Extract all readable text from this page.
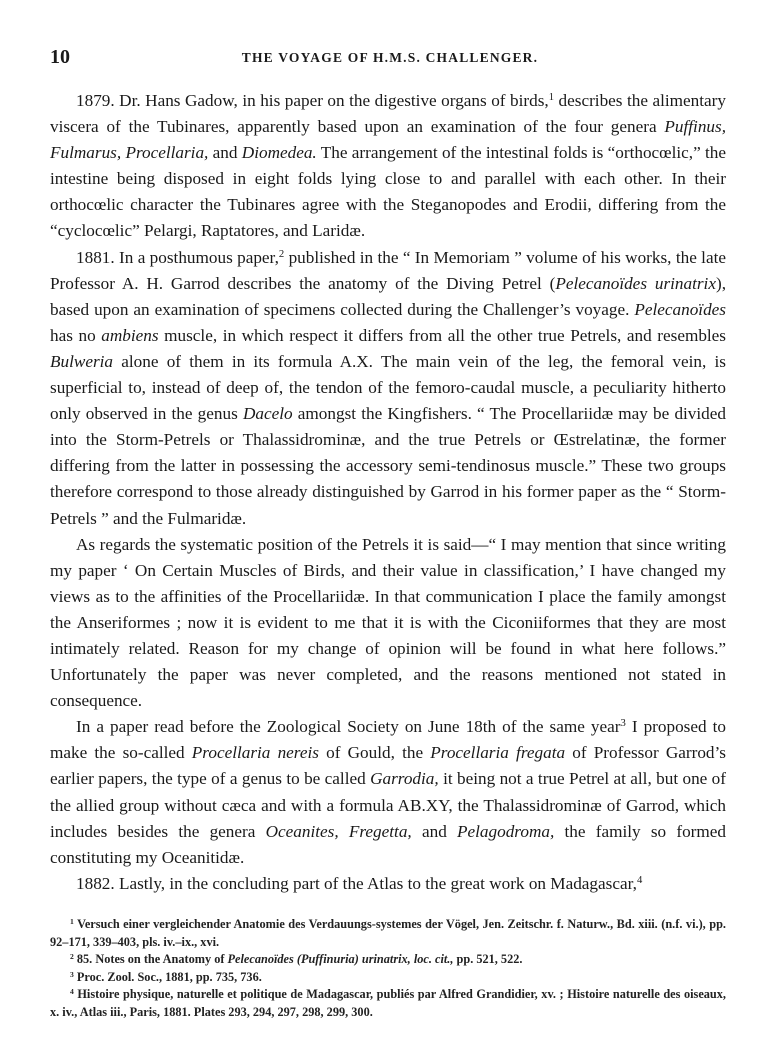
10	THE VOYAGE OF H.M.S. CHALLENGER.

1879. Dr. Hans Gadow, in his paper on the digestive organs of birds,$^1$ describes the alimentary viscera of the Tubinares, apparently based upon an examination of the four genera Puffinus, Fulmarus, Procellaria, and Diomedea. The arrangement of the intestinal folds is “orthocœlic,” the intestine being disposed in eight folds lying close to and parallel with each other. In their orthocœlic character the Tubinares agree with the Steganopodes and Erodii, differing from the “cyclocœlic” Pelargi, Raptatores, and Laridæ.

1881. In a posthumous paper,$^2$ published in the “ In Memoriam ” volume of his works, the late Professor A. H. Garrod describes the anatomy of the Diving Petrel (Pelecanoïdes urinatrix), based upon an examination of specimens collected during the Challenger’s voyage. Pelecanoïdes has no ambiens muscle, in which respect it differs from all the other true Petrels, and resembles Bulweria alone of them in its formula A.X. The main vein of the leg, the femoral vein, is superficial to, instead of deep of, the tendon of the femoro-caudal muscle, a peculiarity hitherto only observed in the genus Dacelo amongst the Kingfishers. “ The Procellariidæ may be divided into the Storm-Petrels or Thalassidrominæ, and the true Petrels or Œstrelatinæ, the former differing from the latter in possessing the accessory semi-tendinosus muscle.” These two groups therefore correspond to those already distinguished by Garrod in his former paper as the “ Storm-Petrels ” and the Fulmaridæ.

As regards the systematic position of the Petrels it is said—“ I may mention that since writing my paper ‘ On Certain Muscles of Birds, and their value in classification,’ I have changed my views as to the affinities of the Procellariidæ. In that communication I place the family amongst the Anseriformes ; now it is evident to me that it is with the Ciconiiformes that they are most intimately related. Reason for my change of opinion will be found in what here follows.” Unfortunately the paper was never completed, and the reasons mentioned not stated in consequence.

In a paper read before the Zoological Society on June 18th of the same year$^3$ I proposed to make the so-called Procellaria nereis of Gould, the Procellaria fregata of Professor Garrod’s earlier papers, the type of a genus to be called Garrodia, it being not a true Petrel at all, but one of the allied group without cæca and with a formula AB.XY, the Thalassidrominæ of Garrod, which includes besides the genera Oceanites, Fregetta, and Pelagodroma, the family so formed constituting my Oceanitidæ.

1882. Lastly, in the concluding part of the Atlas to the great work on Madagascar,$^4$

$^1$ Versuch einer vergleichender Anatomie des Verdauungs-systemes der Vögel, Jen. Zeitschr. f. Naturw., Bd. xiii. (n.f. vi.), pp. 92–171, 339–403, pls. iv.–ix., xvi.

$^2$ 85. Notes on the Anatomy of Pelecanoïdes (Puffinuria) urinatrix, loc. cit., pp. 521, 522.

$^3$ Proc. Zool. Soc., 1881, pp. 735, 736.

$^4$ Histoire physique, naturelle et politique de Madagascar, publiés par Alfred Grandidier, xv. ; Histoire naturelle des oiseaux, x. iv., Atlas iii., Paris, 1881. Plates 293, 294, 297, 298, 299, 300.
